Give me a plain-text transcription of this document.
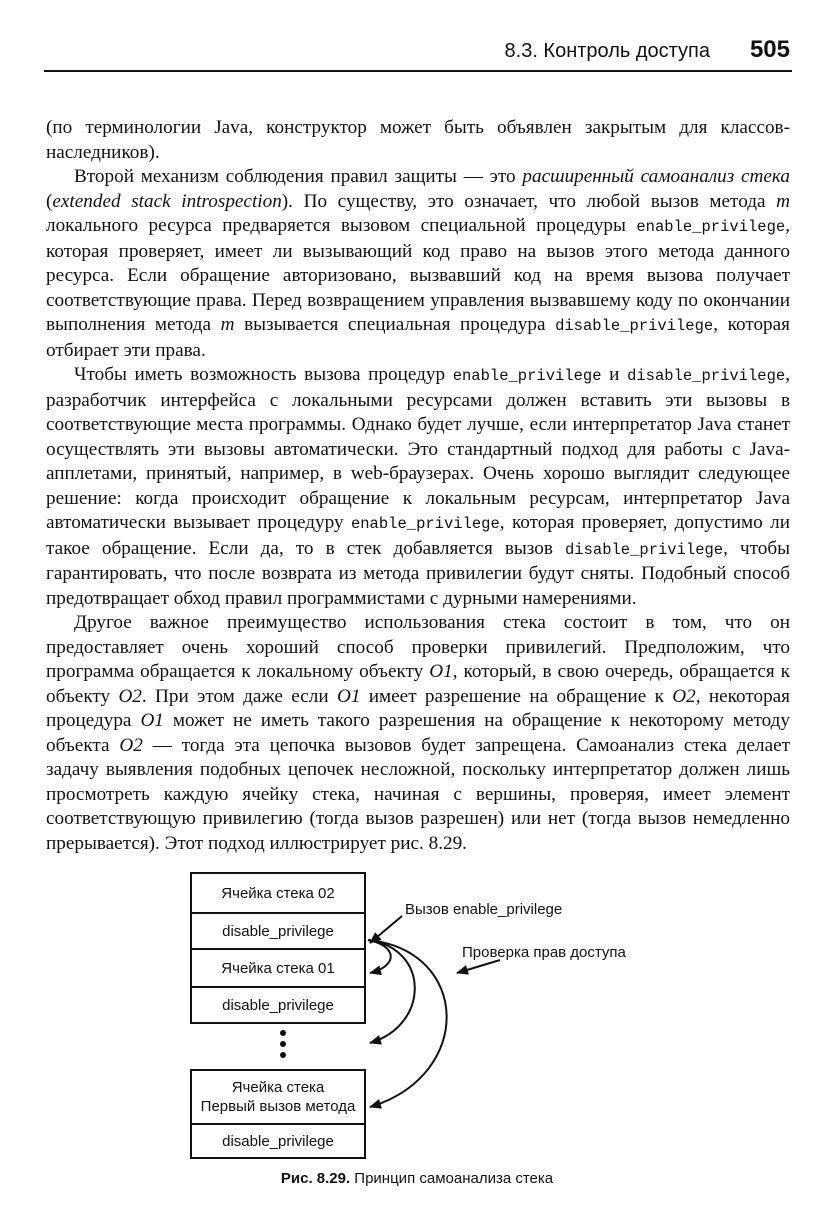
8.3. Контроль доступа 505

(по терминологии Java, конструктор может быть объявлен закрытым для классов-наследников).

Второй механизм соблюдения правил защиты — это расширенный самоанализ стека (extended stack introspection). По существу, это означает, что любой вызов метода m локального ресурса предваряется вызовом специальной процедуры enable_privilege, которая проверяет, имеет ли вызывающий код право на вызов этого метода данного ресурса. Если обращение авторизовано, вызвавший код на время вызова получает соответствующие права. Перед возвращением управления вызвавшему коду по окончании выполнения метода m вызывается специальная процедура disable_privilege, которая отбирает эти права.

Чтобы иметь возможность вызова процедур enable_privilege и disable_privilege, разработчик интерфейса с локальными ресурсами должен вставить эти вызовы в соответствующие места программы. Однако будет лучше, если интерпретатор Java станет осуществлять эти вызовы автоматически. Это стандартный подход для работы с Java-апплетами, принятый, например, в web-браузерах. Очень хорошо выглядит следующее решение: когда происходит обращение к локальным ресурсам, интерпретатор Java автоматически вызывает процедуру enable_privilege, которая проверяет, допустимо ли такое обращение. Если да, то в стек добавляется вызов disable_privilege, чтобы гарантировать, что после возврата из метода привилегии будут сняты. Подобный способ предотвращает обход правил программистами с дурными намерениями.

Другое важное преимущество использования стека состоит в том, что он предоставляет очень хороший способ проверки привилегий. Предположим, что программа обращается к локальному объекту O1, который, в свою очередь, обращается к объекту O2. При этом даже если O1 имеет разрешение на обращение к O2, некоторая процедура O1 может не иметь такого разрешения на обращение к некоторому методу объекта O2 — тогда эта цепочка вызовов будет запрещена. Самоанализ стека делает задачу выявления подобных цепочек несложной, поскольку интерпретатор должен лишь просмотреть каждую ячейку стека, начиная с вершины, проверяя, имеет элемент соответствующую привилегию (тогда вызов разрешен) или нет (тогда вызов немедленно прерывается). Этот подход иллюстрирует рис. 8.29.

Ячейка стека 02
disable_privilege
Ячейка стека 01
disable_privilege
Ячейка стека
Первый вызов метода
disable_privilege
Вызов enable_privilege
Проверка прав доступа
Рис. 8.29. Принцип самоанализа стека
